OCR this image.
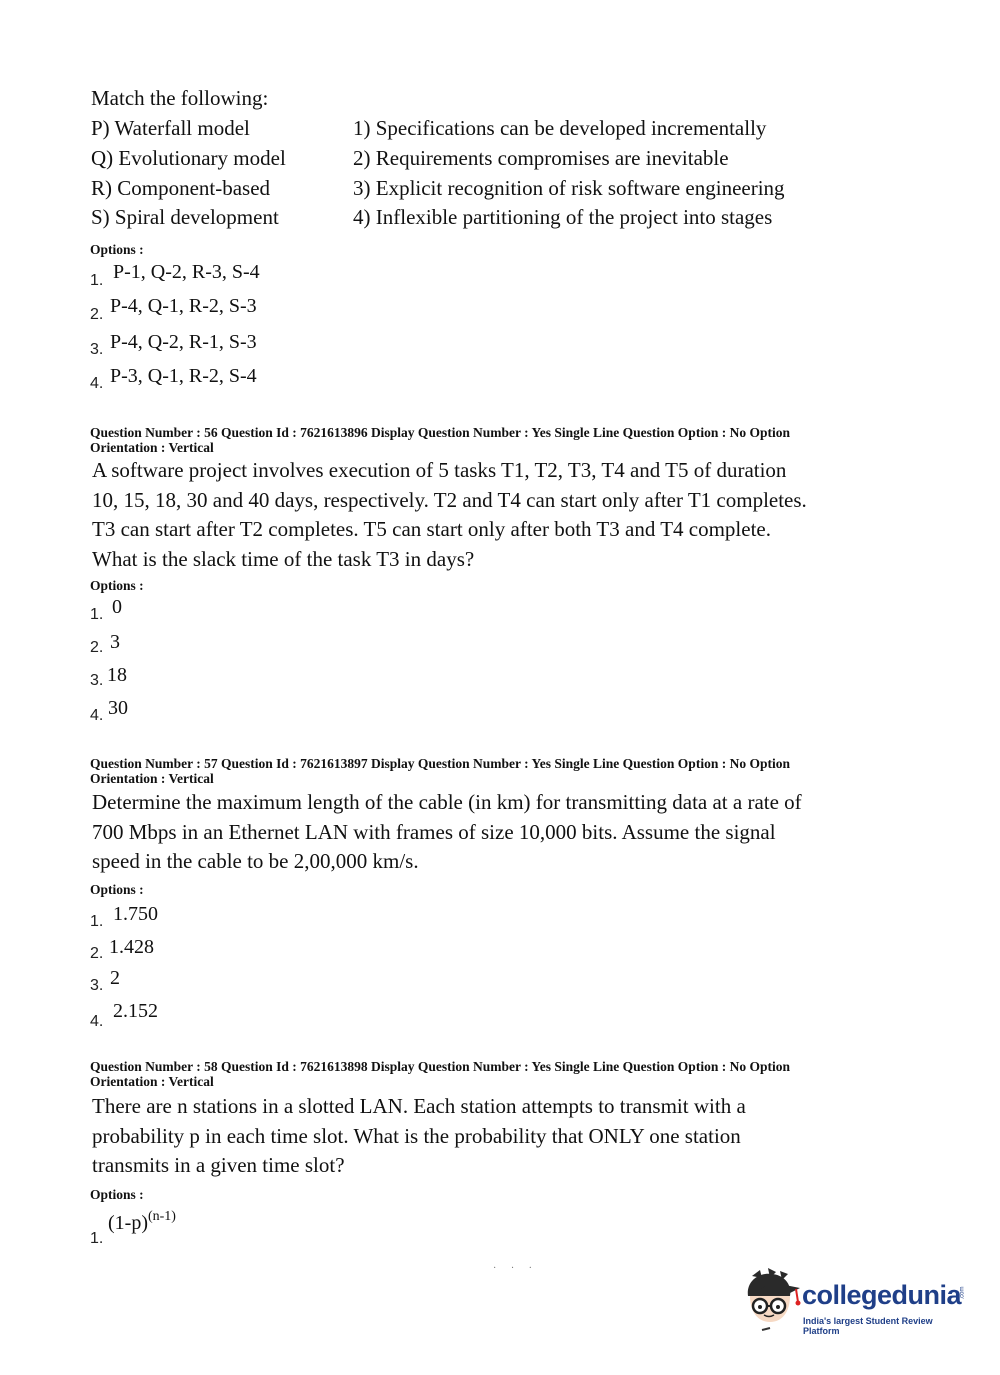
Match the following:
P) Waterfall model
Q) Evolutionary model
R) Component-based
S) Spiral development
1) Specifications can be developed incrementally
2) Requirements compromises are inevitable
3) Explicit recognition of risk software engineering
4) Inflexible partitioning of the project into stages
Options :
1. P-1, Q-2, R-3, S-4
2. P-4, Q-1, R-2, S-3
3. P-4, Q-2, R-1, S-3
4. P-3, Q-1, R-2, S-4
Question Number : 56 Question Id : 7621613896 Display Question Number : Yes Single Line Question Option : No Option
Orientation : Vertical
A software project involves execution of 5 tasks T1, T2, T3, T4 and T5 of duration
10, 15, 18, 30 and 40 days, respectively. T2 and T4 can start only after T1 completes.
T3 can start after T2 completes. T5 can start only after both T3 and T4 complete.
What is the slack time of the task T3 in days?
Options :
1. 0
2. 3
3. 18
4. 30
Question Number : 57 Question Id : 7621613897 Display Question Number : Yes Single Line Question Option : No Option
Orientation : Vertical
Determine the maximum length of the cable (in km) for transmitting data at a rate of
700 Mbps in an Ethernet LAN with frames of size 10,000 bits. Assume the signal
speed in the cable to be 2,00,000 km/s.
Options :
1. 1.750
2. 1.428
3. 2
4. 2.152
Question Number : 58 Question Id : 7621613898 Display Question Number : Yes Single Line Question Option : No Option
Orientation : Vertical
There are n stations in a slotted LAN. Each station attempts to transmit with a
probability p in each time slot. What is the probability that ONLY one station
transmits in a given time slot?
Options :
1.
$(1-p)^{(n-1)}$
· · ·
collegedunia
.com
India's largest Student Review Platform
